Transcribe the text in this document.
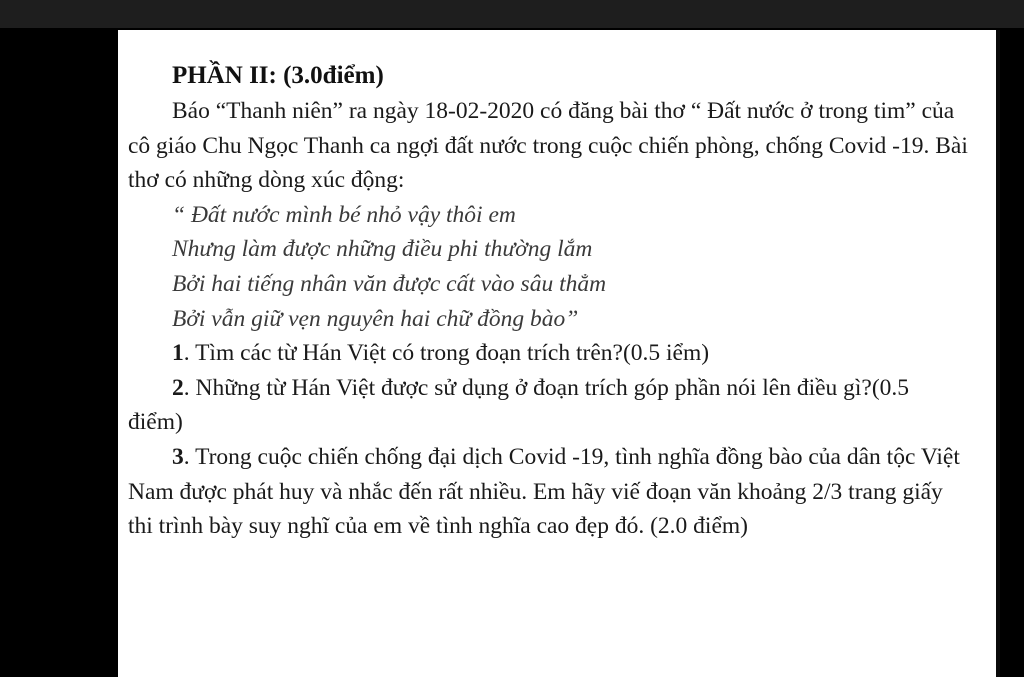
PHẦN II: (3.0điểm)
Báo “Thanh niên” ra ngày 18-02-2020 có đăng bài thơ “ Đất nước ở trong tim” của cô giáo Chu Ngọc Thanh ca ngợi đất nước trong cuộc chiến phòng, chống Covid -19. Bài thơ có những dòng xúc động:
“ Đất nước mình bé nhỏ vậy thôi em
Nhưng làm được những điều phi thường lắm
Bởi hai tiếng nhân văn được cất vào sâu thẳm
Bởi vẫn giữ vẹn nguyên hai chữ đồng bào”
1. Tìm các từ Hán Việt có trong đoạn trích trên?(0.5 iểm)
2. Những từ Hán Việt được sử dụng ở đoạn trích góp phần nói lên điều gì?(0.5 điểm)
3. Trong cuộc chiến chống đại dịch Covid -19, tình nghĩa đồng bào của dân tộc Việt Nam được phát huy và nhắc đến rất nhiều. Em hãy viế đoạn văn khoảng 2/3 trang giấy thi trình bày suy nghĩ của em về tình nghĩa cao đẹp đó. (2.0 điểm)
